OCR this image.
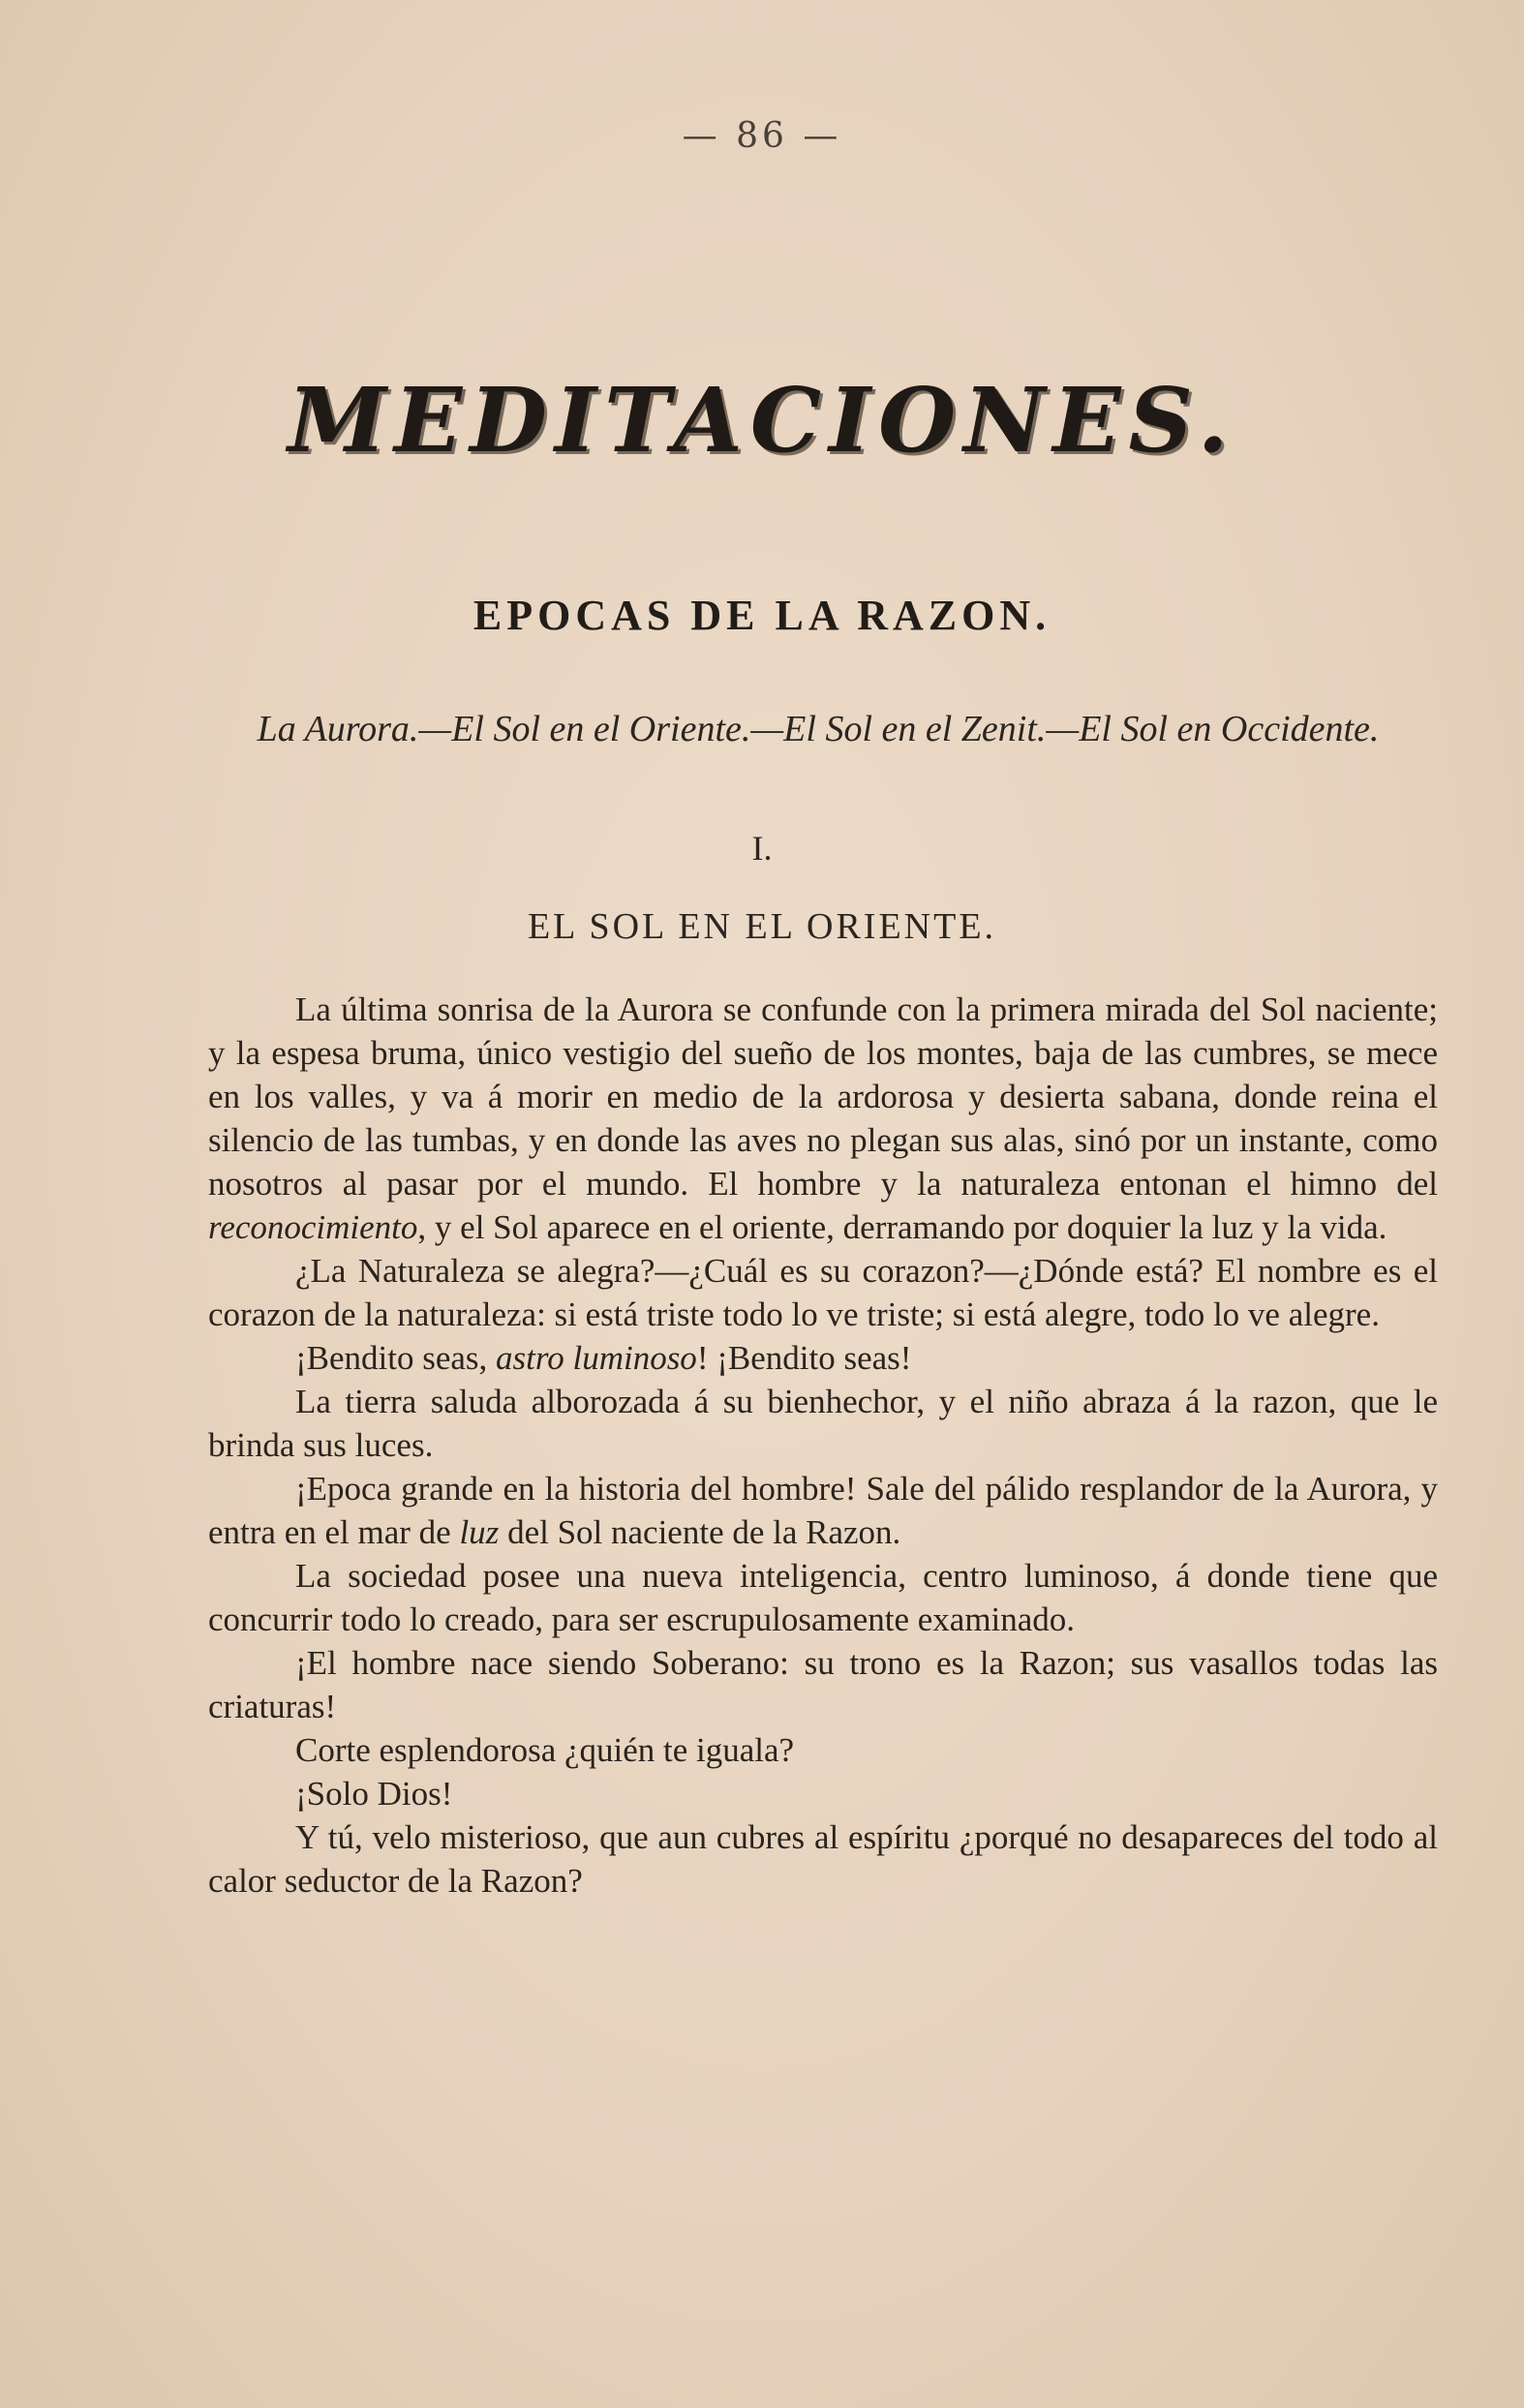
— 86 —
MEDITACIONES.
EPOCAS DE LA RAZON.
La Aurora.—El Sol en el Oriente.—El Sol en el Zenit.—El Sol en Occidente.
I.
EL SOL EN EL ORIENTE.

La última sonrisa de la Aurora se confunde con la primera mirada del Sol naciente; y la espesa bruma, único vestigio del sueño de los montes, baja de las cumbres, se mece en los valles, y va á morir en medio de la ardorosa y desierta sabana, donde reina el silencio de las tumbas, y en donde las aves no plegan sus alas, sinó por un instante, como nosotros al pasar por el mundo. El hombre y la naturaleza entonan el himno del reconocimiento, y el Sol aparece en el oriente, derramando por doquier la luz y la vida.

¿La Naturaleza se alegra?—¿Cuál es su corazon?—¿Dónde está? El nombre es el corazon de la naturaleza: si está triste todo lo ve triste; si está alegre, todo lo ve alegre.

¡Bendito seas, astro luminoso! ¡Bendito seas!

La tierra saluda alborozada á su bienhechor, y el niño abraza á la razon, que le brinda sus luces.

¡Epoca grande en la historia del hombre! Sale del pálido resplandor de la Aurora, y entra en el mar de luz del Sol naciente de la Razon.

La sociedad posee una nueva inteligencia, centro luminoso, á donde tiene que concurrir todo lo creado, para ser escrupulosamente examinado.

¡El hombre nace siendo Soberano: su trono es la Razon; sus vasallos todas las criaturas!

Corte esplendorosa ¿quién te iguala?

¡Solo Dios!

Y tú, velo misterioso, que aun cubres al espíritu ¿porqué no desapareces del todo al calor seductor de la Razon?
